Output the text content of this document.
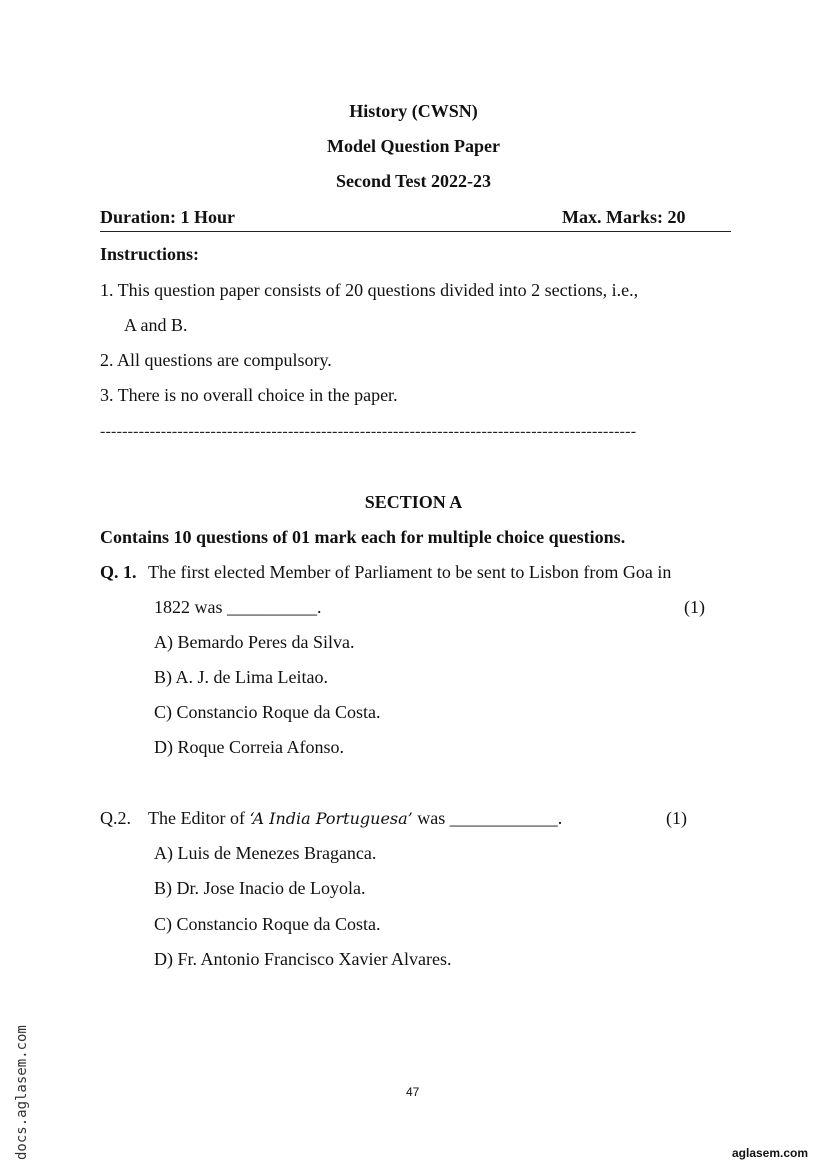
History (CWSN)
Model Question Paper
Second Test 2022-23
Duration: 1 Hour	Max. Marks: 20
Instructions:
1. This question paper consists of 20 questions divided into 2 sections, i.e.,
A and B.
2. All questions are compulsory.
3. There is no overall choice in the paper.
-------------------------------------------------------------------------------------------------
SECTION A
Contains 10 questions of 01 mark each for multiple choice questions.
Q. 1. The first elected Member of Parliament to be sent to Lisbon from Goa in
1822 was __________.	(1)
A) Bemardo Peres da Silva.
B) A. J. de Lima Leitao.
C) Constancio Roque da Costa.
D) Roque Correia Afonso.
Q.2. The Editor of ‘A India Portuguesa’ was ____________.	(1)
A) Luis de Menezes Braganca.
B) Dr. Jose Inacio de Loyola.
C) Constancio Roque da Costa.
D) Fr. Antonio Francisco Xavier Alvares.
47
docs.aglasem.com	aglasem.com
